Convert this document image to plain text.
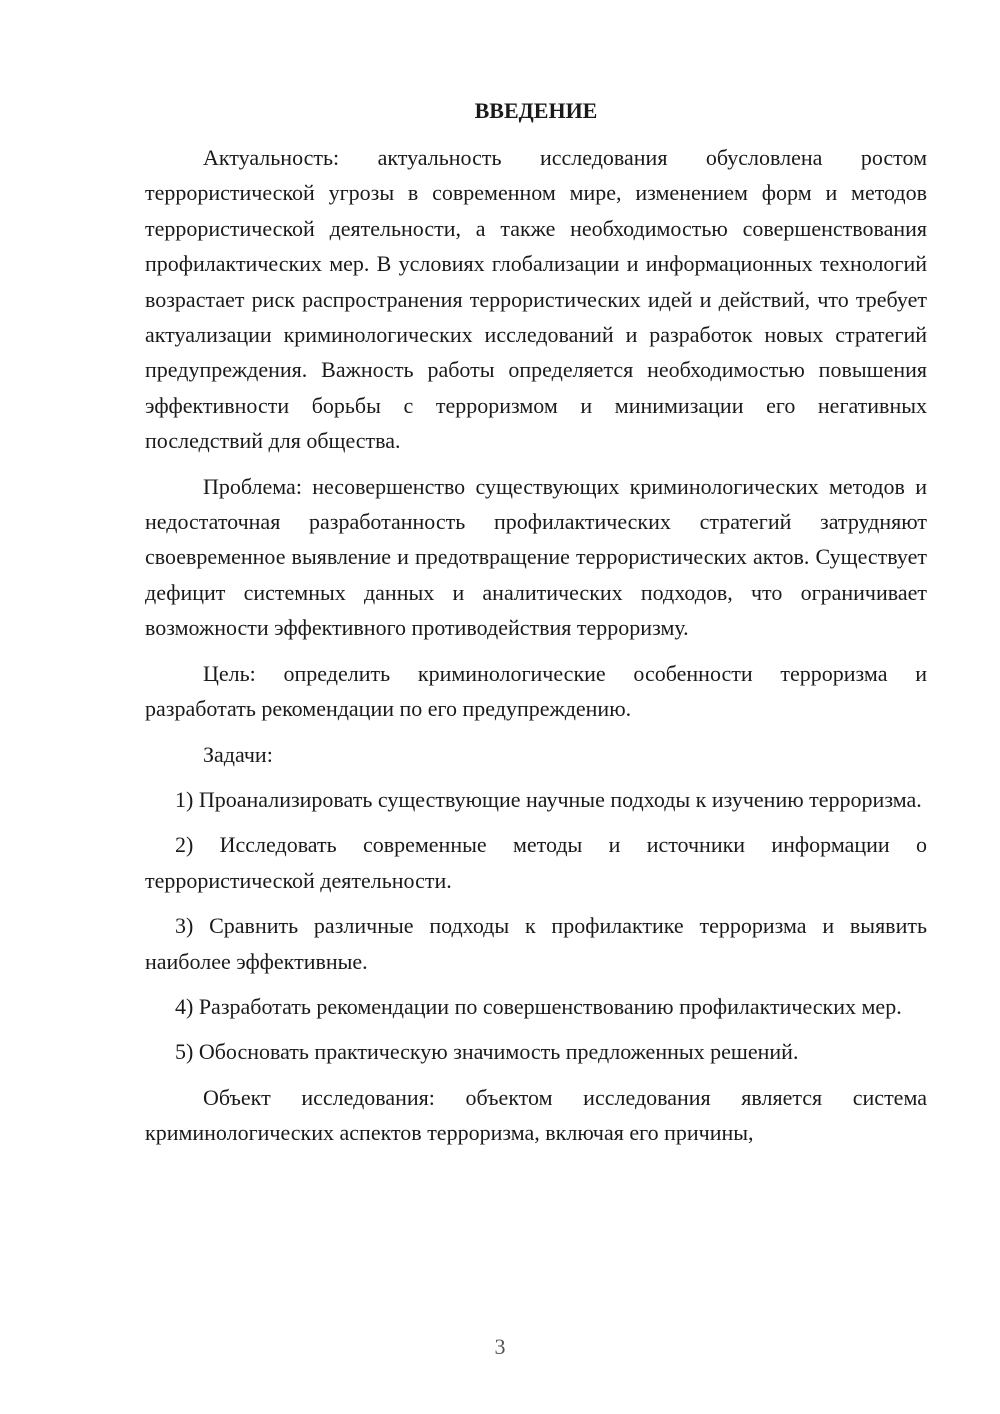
ВВЕДЕНИЕ

Актуальность: актуальность исследования обусловлена ростом террористической угрозы в современном мире, изменением форм и методов террористической деятельности, а также необходимостью совершенствования профилактических мер. В условиях глобализации и информационных технологий возрастает риск распространения террористических идей и действий, что требует актуализации криминологических исследований и разработок новых стратегий предупреждения. Важность работы определяется необходимостью повышения эффективности борьбы с терроризмом и минимизации его негативных последствий для общества.

Проблема: несовершенство существующих криминологических методов и недостаточная разработанность профилактических стратегий затрудняют своевременное выявление и предотвращение террористических актов. Существует дефицит системных данных и аналитических подходов, что ограничивает возможности эффективного противодействия терроризму.

Цель: определить криминологические особенности терроризма и разработать рекомендации по его предупреждению.

Задачи:

1) Проанализировать существующие научные подходы к изучению терроризма.

2) Исследовать современные методы и источники информации о террористической деятельности.

3) Сравнить различные подходы к профилактике терроризма и выявить наиболее эффективные.

4) Разработать рекомендации по совершенствованию профилактических мер.

5) Обосновать практическую значимость предложенных решений.

Объект исследования: объектом исследования является система криминологических аспектов терроризма, включая его причины,

3
